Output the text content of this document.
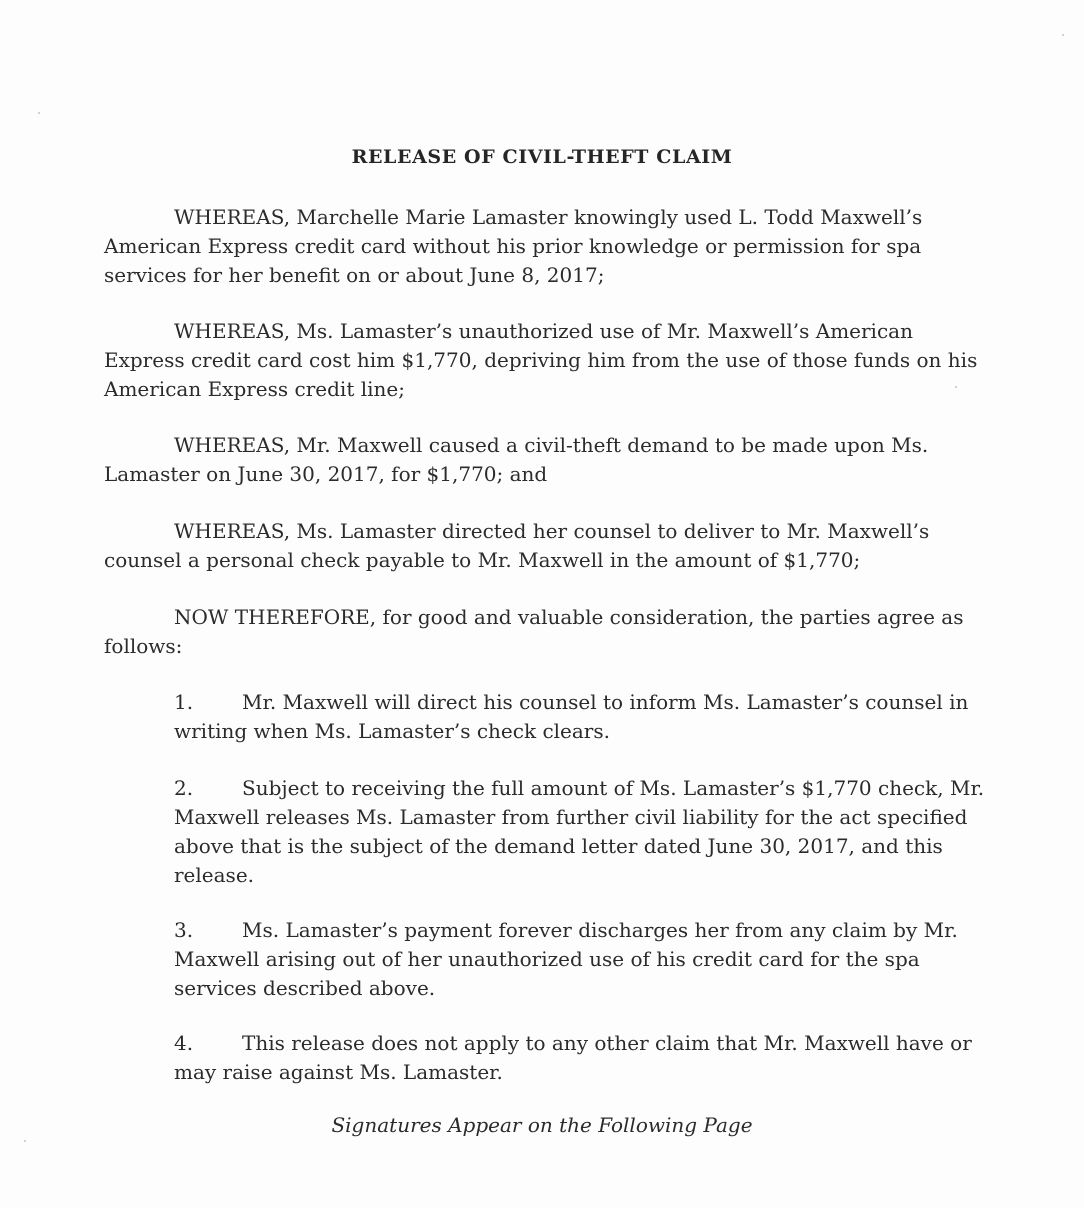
RELEASE OF CIVIL-THEFT CLAIM
WHEREAS, Marchelle Marie Lamaster knowingly used L. Todd Maxwell’s American Express credit card without his prior knowledge or permission for spa services for her benefit on or about June 8, 2017;
WHEREAS, Ms. Lamaster’s unauthorized use of Mr. Maxwell’s American Express credit card cost him $1,770, depriving him from the use of those funds on his American Express credit line;
WHEREAS, Mr. Maxwell caused a civil-theft demand to be made upon Ms. Lamaster on June 30, 2017, for $1,770; and
WHEREAS, Ms. Lamaster directed her counsel to deliver to Mr. Maxwell’s counsel a personal check payable to Mr. Maxwell in the amount of $1,770;
NOW THEREFORE, for good and valuable consideration, the parties agree as follows:
1. Mr. Maxwell will direct his counsel to inform Ms. Lamaster’s counsel in writing when Ms. Lamaster’s check clears.
2. Subject to receiving the full amount of Ms. Lamaster’s $1,770 check, Mr. Maxwell releases Ms. Lamaster from further civil liability for the act specified above that is the subject of the demand letter dated June 30, 2017, and this release.
3. Ms. Lamaster’s payment forever discharges her from any claim by Mr. Maxwell arising out of her unauthorized use of his credit card for the spa services described above.
4. This release does not apply to any other claim that Mr. Maxwell have or may raise against Ms. Lamaster.
Signatures Appear on the Following Page
